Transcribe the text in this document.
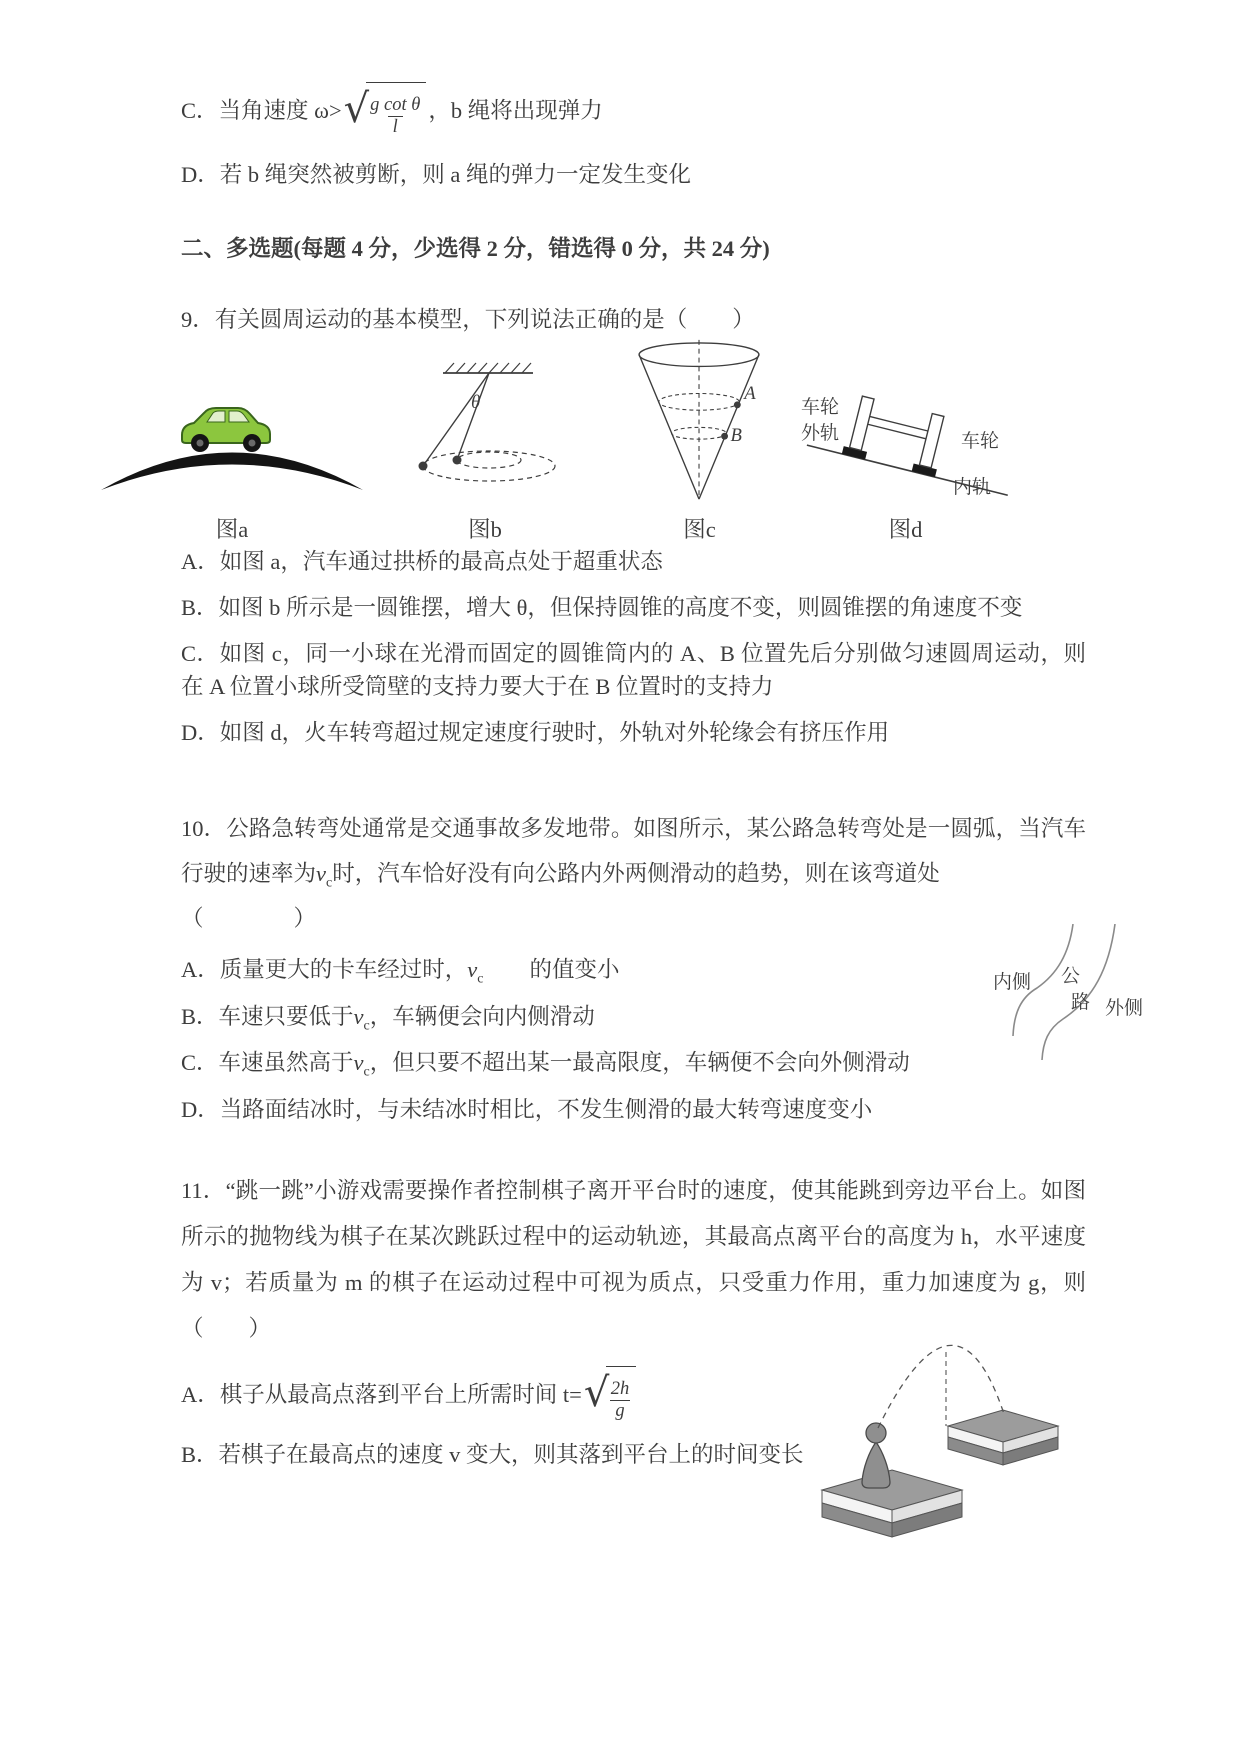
C．当角速度 ω> √ $\frac{\text{g cot θ}}{l}$ ，b 绳将出现弹力

D．若 b 绳突然被剪断，则 a 绳的弹力一定发生变化

二、多选题(每题 4 分，少选得 2 分，错选得 0 分，共 24 分)

9．有关圆周运动的基本模型，下列说法正确的是（　　）

图a
θ
图b
A
B
图c
车轮
外轨	车轮
内轨
图d

A．如图 a，汽车通过拱桥的最高点处于超重状态

B．如图 b 所示是一圆锥摆，增大 θ，但保持圆锥的高度不变，则圆锥摆的角速度不变

C．如图 c，同一小球在光滑而固定的圆锥筒内的 A、B 位置先后分别做匀速圆周运动，则在 A 位置小球所受筒壁的支持力要大于在 B 位置时的支持力

D．如图 d，火车转弯超过规定速度行驶时，外轨对外轮缘会有挤压作用

10．公路急转弯处通常是交通事故多发地带。如图所示，某公路急转弯处是一圆弧，当汽车行驶的速率为$v_c$时，汽车恰好没有向公路内外两侧滑动的趋势，则在该弯道处

（　　　　）

A．质量更大的卡车经过时，$v_c$ 的值变小

B．车速只要低于$v_c$，车辆便会向内侧滑动

C．车速虽然高于$v_c$，但只要不超出某一最高限度，车辆便不会向外侧滑动

D．当路面结冰时，与未结冰时相比，不发生侧滑的最大转弯速度变小

内侧 公
路 外侧

11．“跳一跳”小游戏需要操作者控制棋子离开平台时的速度，使其能跳到旁边平台上。如图所示的抛物线为棋子在某次跳跃过程中的运动轨迹，其最高点离平台的高度为 h，水平速度为 v；若质量为 m 的棋子在运动过程中可视为质点，只受重力作用，重力加速度为 g，则（　　）

A．棋子从最高点落到平台上所需时间 t= √ $\frac{2h}{g}$

B．若棋子在最高点的速度 v 变大，则其落到平台上的时间变长
